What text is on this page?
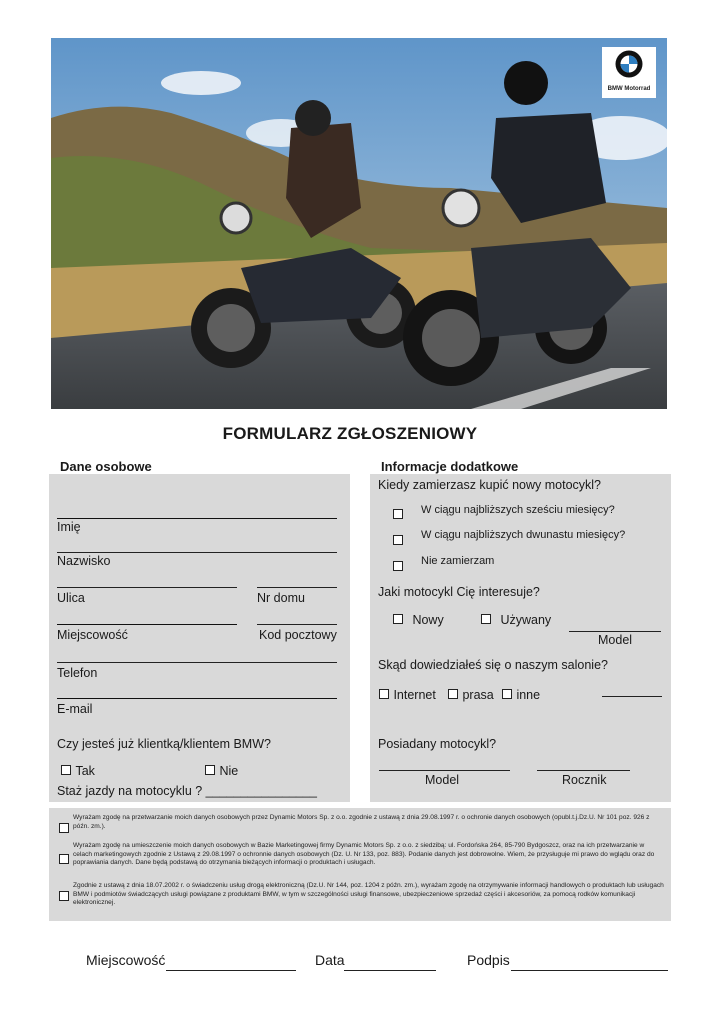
BMW Motorrad
FORMULARZ ZGŁOSZENIOWY
Dane osobowe	Informacje dodatkowe
Imię
Nazwisko
Ulica	Nr domu
Miejscowość	Kod pocztowy
Telefon
E-mail
Czy jesteś już klientką/klientem BMW?
Tak	Nie
Staż jazdy na motocyklu ? ________________
Kiedy zamierzasz kupić nowy motocykl?
W ciągu najbliższych sześciu miesięcy?
W ciągu najbliższych dwunastu miesięcy?
Nie zamierzam
Jaki motocykl Cię interesuje?
Nowy	Używany
Model
Skąd dowiedziałeś się o naszym salonie?
Internet	prasa	inne
Posiadany motocykl?
Model	Rocznik
Wyrażam zgodę na przetwarzanie moich danych osobowych przez Dynamic Motors Sp. z o.o. zgodnie z ustawą z dnia 29.08.1997 r. o ochronie danych osobowych (opubl.t.j.Dz.U. Nr 101 poz. 926 z późn. zm.).
Wyrażam zgodę na umieszczenie moich danych osobowych w Bazie Marketingowej firmy Dynamic Motors Sp. z o.o. z siedzibą: ul. Fordońska 264, 85-790 Bydgoszcz, oraz na ich przetwarzanie w celach marketingowych zgodnie z Ustawą z 29.08.1997 o ochronnie danych osobowych (Dz. U. Nr 133, poz. 883). Podanie danych jest dobrowolne. Wiem, że przysługuje mi prawo do wglądu oraz do poprawiania danych. Dane będą podstawą do otrzymania bieżących informacji o produktach i usługach.
Zgodnie z ustawą z dnia 18.07.2002 r. o świadczeniu usług drogą elektroniczną (Dz.U. Nr 144, poz. 1204 z późn. zm.), wyrażam zgodę na otrzymywanie informacji handlowych o produktach lub usługach BMW i podmiotów świadczących usługi powiązane z produktami BMW, w tym w szczególności usługi finansowe, ubezpieczeniowe sprzedaż części i akcesoriów, za pomocą rodków komunikacji elektronicznej.
Miejscowość	Data	Podpis
